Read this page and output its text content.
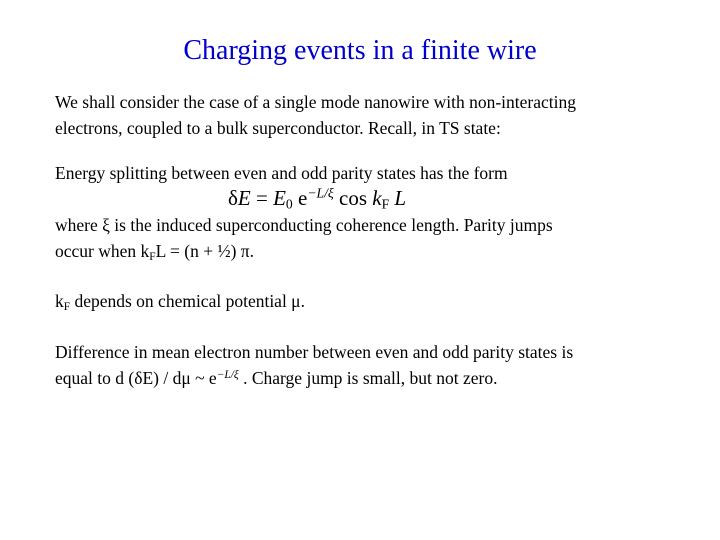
Charging events in a finite wire
We shall consider the case of a single mode nanowire with non-interacting
electrons, coupled to a bulk superconductor. Recall, in TS state:
Energy splitting between even and odd parity states has the form
$\delta E = E_0$ $e^{-L/\xi}$ $\cos k_F$ L
where ξ is the induced superconducting coherence length. Parity jumps
occur when $k_FL = (n$ + ½) π.
$k_F$ depends on chemical potential μ.
Difference in mean electron number between even and odd parity states is
equal to d (δE) / dμ ~ $e^{-L/\xi}$ . Charge jump is small, but not zero.
